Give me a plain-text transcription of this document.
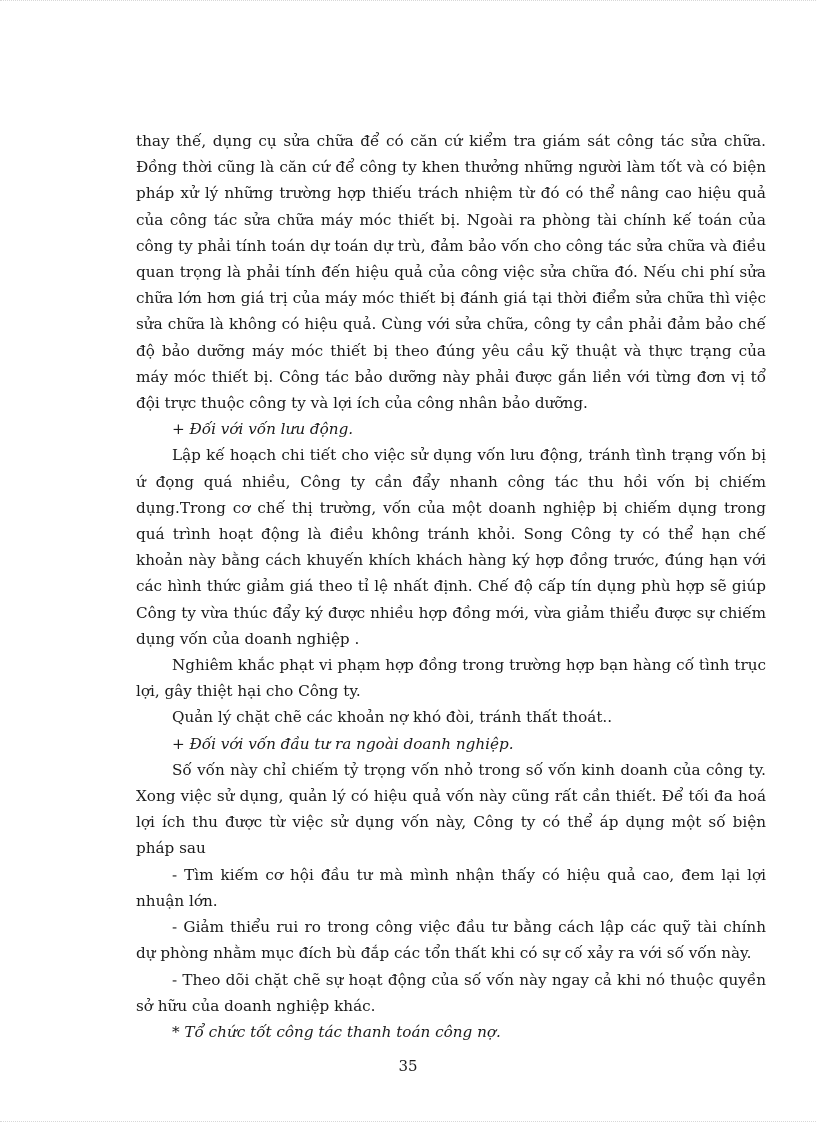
thay thế, dụng cụ sửa chữa để có căn cứ kiểm tra giám sát công tác sửa chữa. Đồng thời cũng là căn cứ để công ty khen thưởng những người làm tốt và có biện pháp xử lý những trường hợp thiếu trách nhiệm từ đó có thể nâng cao hiệu quả của công tác sửa chữa máy móc thiết bị. Ngoài ra phòng tài chính kế toán của công ty phải tính toán dự toán dự trù, đảm bảo vốn cho công tác sửa chữa và điều quan trọng là phải tính đến hiệu quả của công việc sửa chữa đó. Nếu chi phí sửa chữa lớn hơn giá trị của máy móc thiết bị đánh giá tại thời điểm sửa chữa thì việc sửa chữa là không có hiệu quả. Cùng với sửa chữa, công ty cần phải đảm bảo chế độ bảo dưỡng máy móc thiết bị theo đúng yêu cầu kỹ thuật và thực trạng của máy móc thiết bị. Công tác bảo dưỡng này phải được gắn liền với từng đơn vị tổ đội trực thuộc công ty và lợi ích của công nhân bảo dưỡng.

+ Đối với vốn lưu động.

Lập kế hoạch chi tiết cho việc sử dụng vốn lưu động, tránh tình trạng vốn bị ứ đọng quá nhiều, Công ty cần đẩy nhanh công tác thu hồi vốn bị chiếm dụng.Trong cơ chế thị trường, vốn của một doanh nghiệp bị chiếm dụng trong quá trình hoạt động là điều không tránh khỏi. Song Công ty có thể hạn chế khoản này bằng cách khuyến khích khách hàng ký hợp đồng trước, đúng hạn với các hình thức giảm giá theo tỉ lệ nhất định. Chế độ cấp tín dụng phù hợp sẽ giúp Công ty vừa thúc đẩy ký được nhiều hợp đồng mới, vừa giảm thiểu được sự chiếm dụng vốn của doanh nghiệp .

Nghiêm khắc phạt vi phạm hợp đồng trong trường hợp bạn hàng cố tình trục lợi, gây thiệt hại cho Công ty.

Quản lý chặt chẽ các khoản nợ khó đòi, tránh thất thoát..

+ Đối với vốn đầu tư ra ngoài doanh nghiệp.

Số vốn này chỉ chiếm tỷ trọng vốn nhỏ trong số vốn kinh doanh của công ty. Xong việc sử dụng, quản lý có hiệu quả vốn này cũng rất cần thiết. Để tối đa hoá lợi ích thu được từ việc sử dụng vốn này, Công ty có thể áp dụng một số biện pháp sau

- Tìm kiếm cơ hội đầu tư mà mình nhận thấy có hiệu quả cao, đem lại lợi nhuận lớn.

- Giảm thiểu rui ro trong công việc đầu tư bằng cách lập các quỹ tài chính dự phòng nhằm mục đích bù đắp các tổn thất khi có sự cố xảy ra với số vốn này.

- Theo dõi chặt chẽ sự hoạt động của số vốn này ngay cả khi nó thuộc quyền sở hữu của doanh nghiệp khác.

* Tổ chức tốt công tác thanh toán công nợ.

35
